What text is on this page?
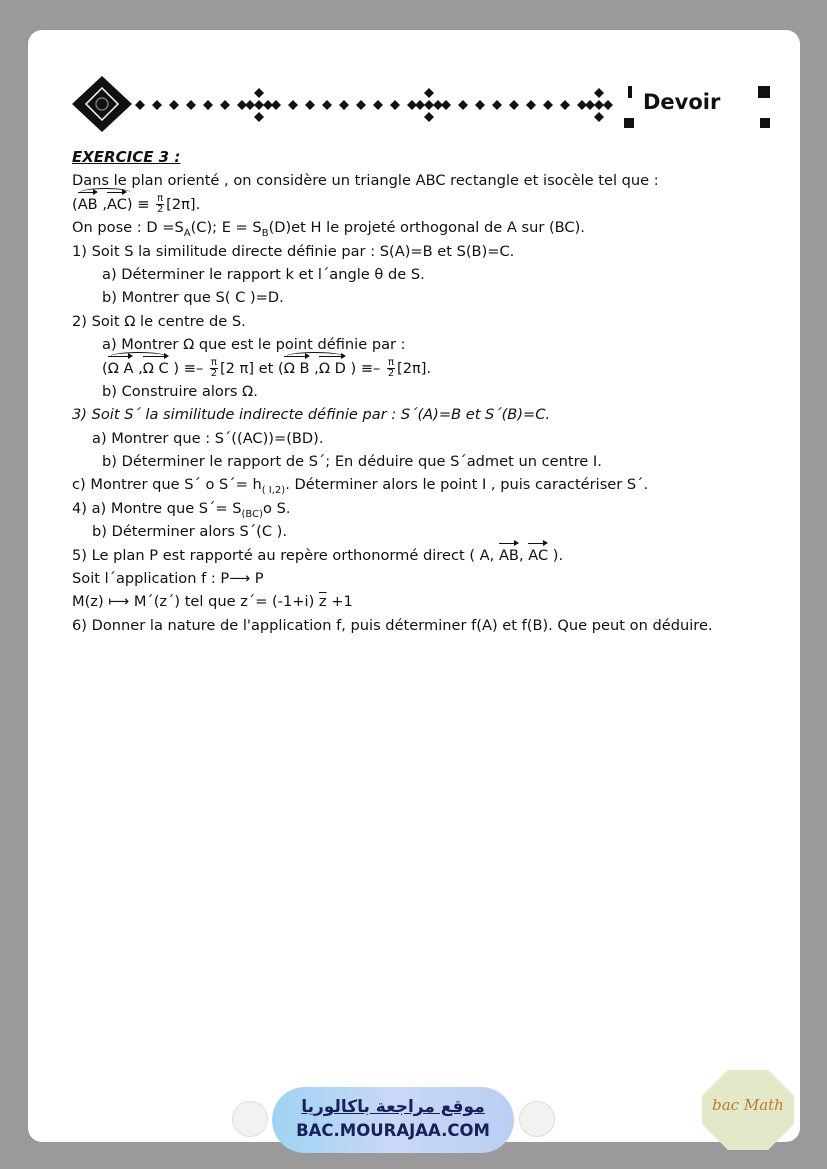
Devoir
EXERCICE 3 :
Dans le plan orienté , on considère un triangle ABC rectangle et isocèle tel que :
(AB $,AC) \equiv \frac{\pi}{2} [2\pi]$.
On pose : $D =S_A(C)$; $E = S_B(D)et$ H le projeté orthogonal de A sur (BC).
1) Soit S la similitude directe définie par : S(A)=B et S(B)=C.
a) Déterminer le rapport k et l´angle θ de S.
b) Montrer que S( C )=D.
2) Soit Ω le centre de S.
a) Montrer Ω que est le point définie par :
(Ω A ,Ω C ) ≡– $\frac{\pi}{2} [2$ π] et (Ω B ,Ω D ) ≡– $\frac{\pi}{2} [2\pi]$.
b) Construire alors Ω.
3) Soit S´ la similitude indirecte définie par : S´(A)=B et S´(B)=C.
a) Montrer que : S´((AC))=(BD).
b) Déterminer le rapport de S´; En déduire que S´admet un centre I.
c) Montrer que S´ o S´= $h_{( I,2)}$. Déterminer alors le point I , puis caractériser S´.
4) a) Montre que S´= $S_{(BC)}o$ S.
b) Déterminer alors S´(C ).
5) Le plan P est rapporté au repère orthonormé direct ( A, AB, AC ).
Soit l´application f : P⟶ P
M(z) ⟼ M´(z´) tel que z´= (-1+i) $\overline{z} +1$
6) Donner la nature de l'application f, puis déterminer f(A) et f(B). Que peut on déduire.
موقع مراجعة باكالوريا
BAC.MOURAJAA.COM
bac Math
